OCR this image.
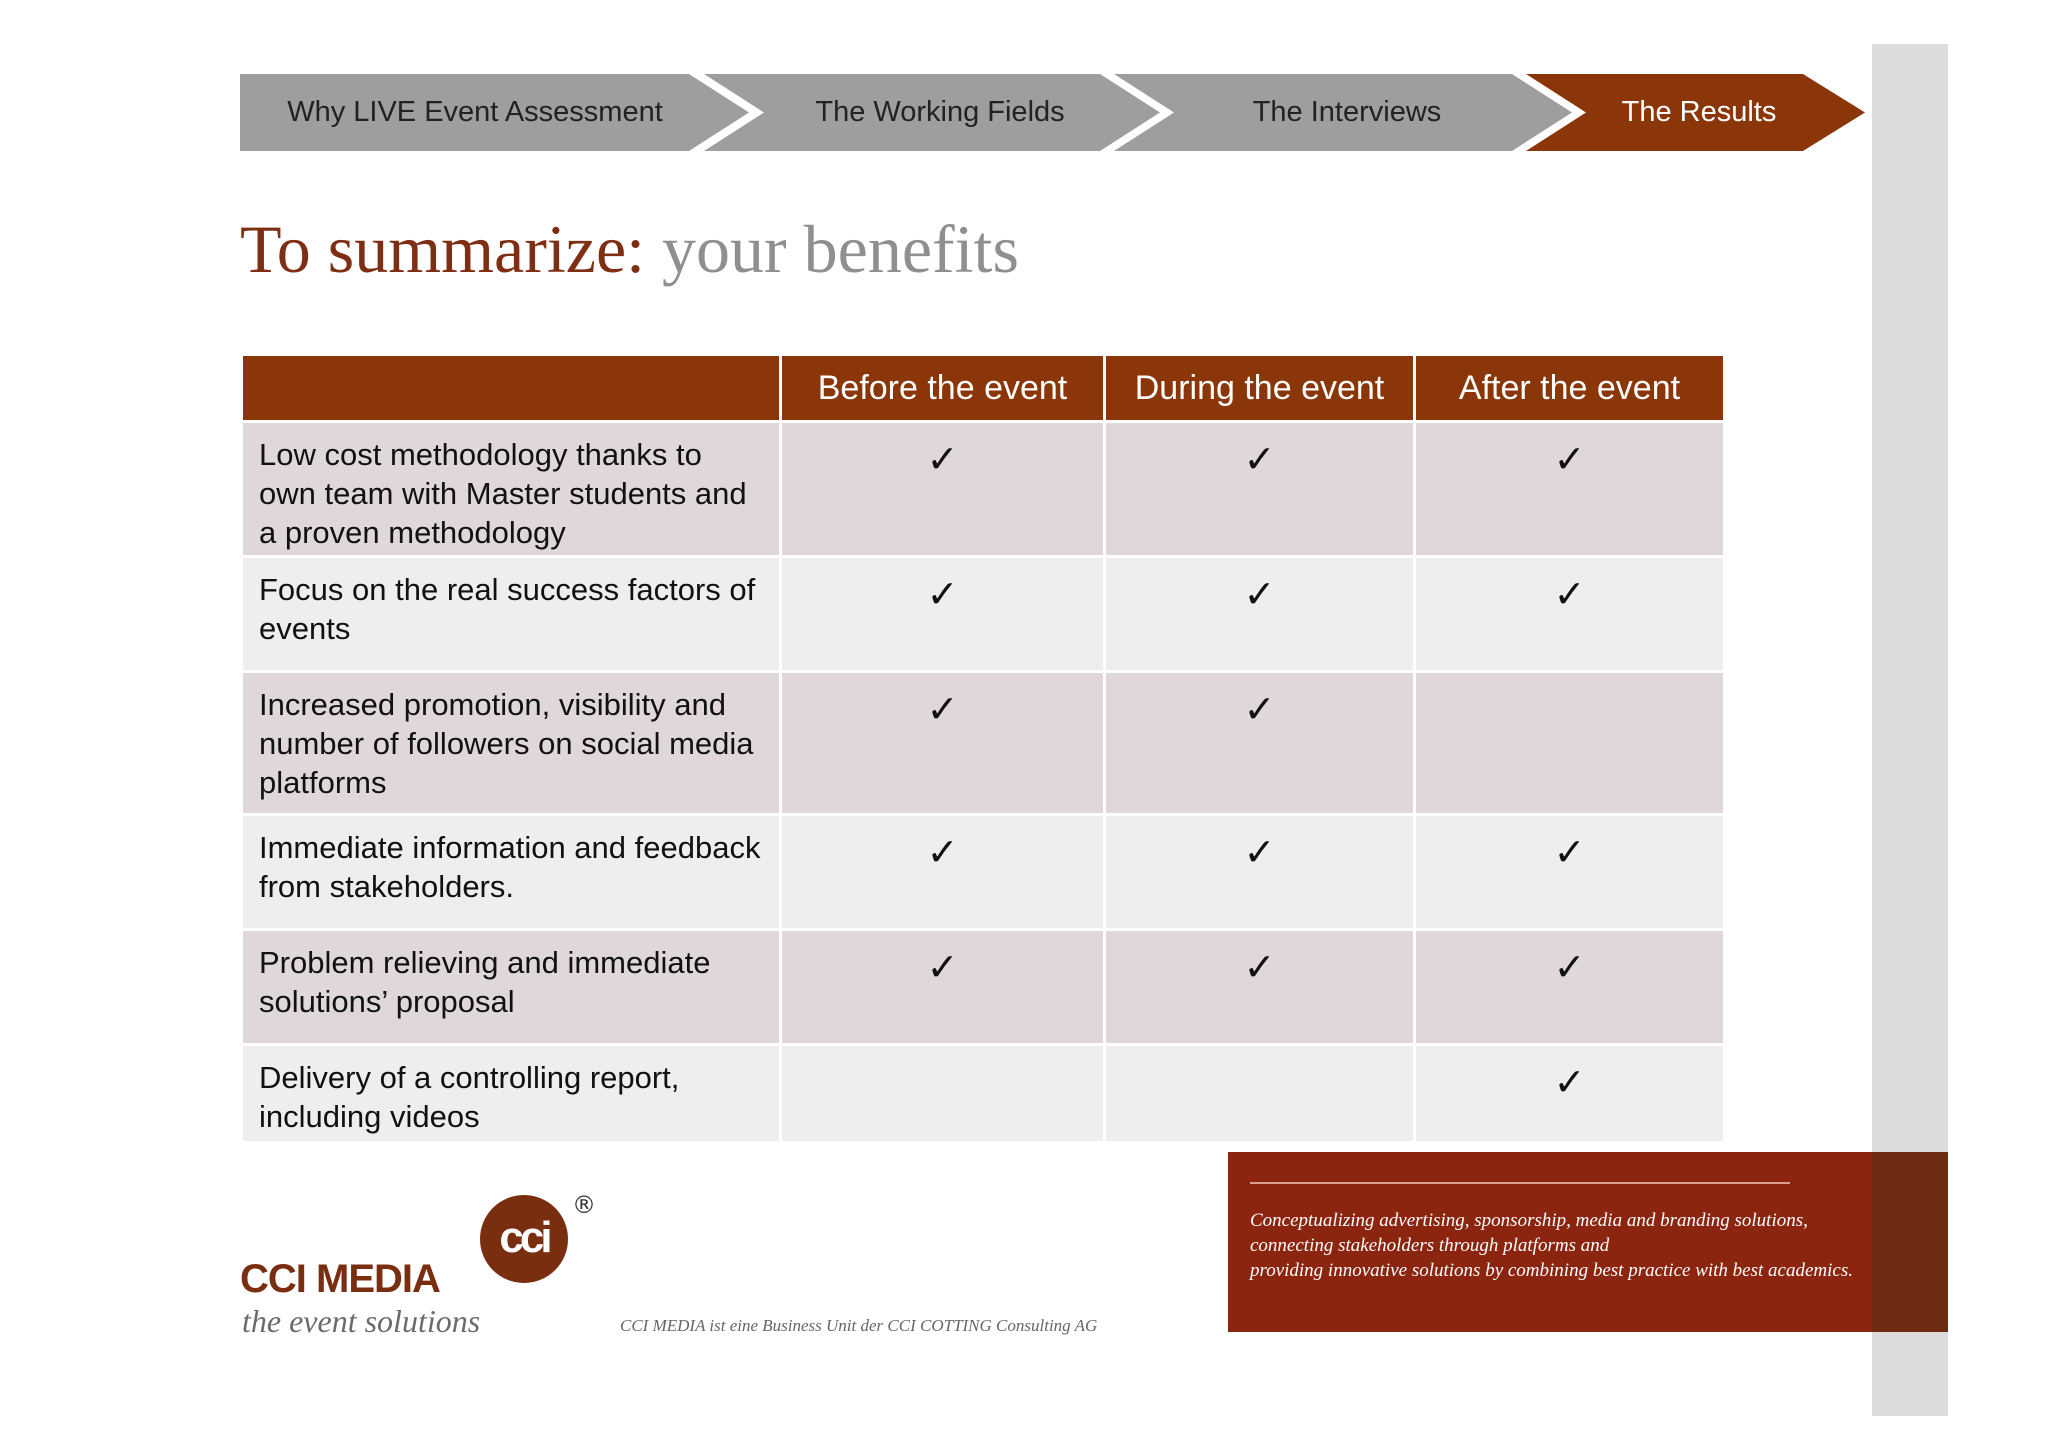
Why LIVE Event Assessment	The Working Fields	The Interviews	The Results
To summarize: your benefits
	Before the event	During the event	After the event
Low cost methodology thanks to own team with Master students and a proven methodology	✓	✓	✓
Focus on the real success factors of events	✓	✓	✓
Increased promotion, visibility and number of followers on social media platforms	✓	✓	
Immediate information and feedback from stakeholders.	✓	✓	✓
Problem relieving and immediate solutions’ proposal	✓	✓	✓
Delivery of a controlling report, including videos			✓
cci
®
CCI MEDIA
the event solutions	CCI MEDIA ist eine Business Unit der CCI COTTING Consulting AG
Conceptualizing advertising, sponsorship, media and branding solutions,
connecting stakeholders through platforms and
providing innovative solutions by combining best practice with best academics.
